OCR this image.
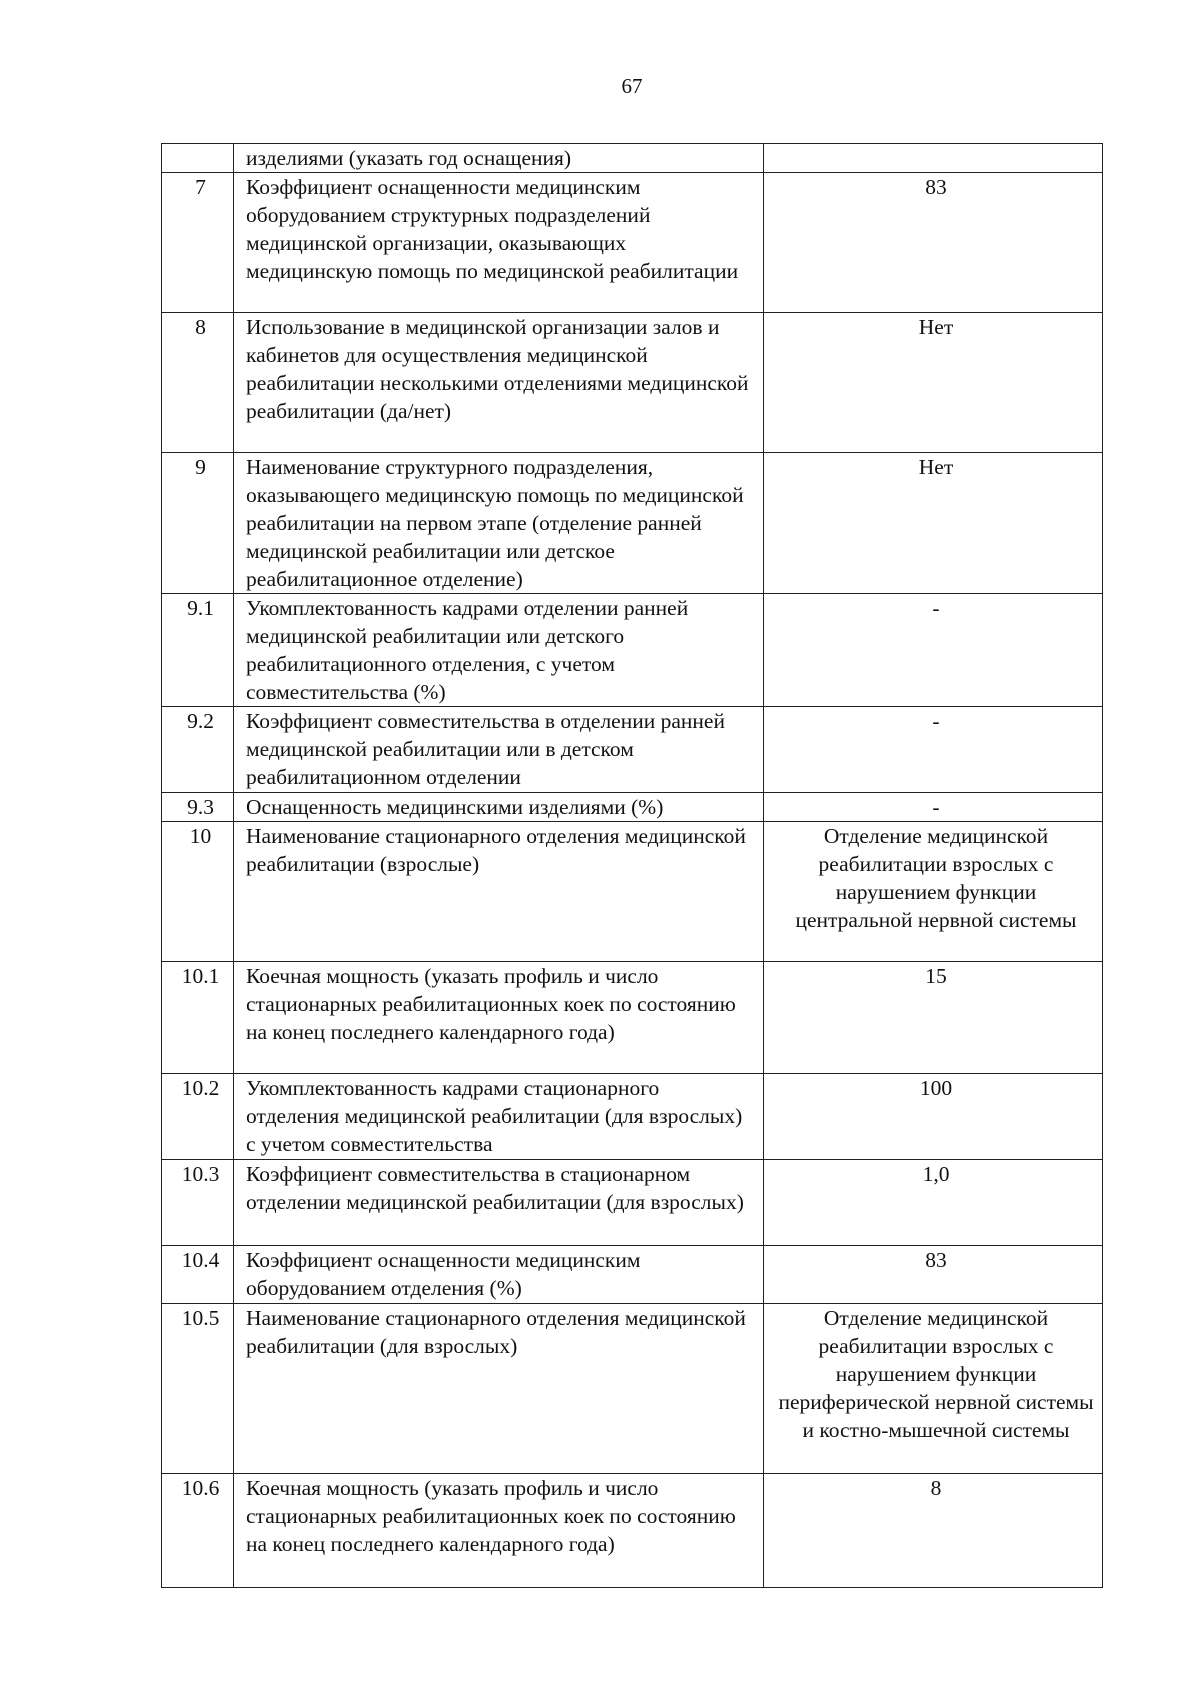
67
	изделиями (указать год оснащения)	
7	Коэффициент оснащенности медицинским оборудованием структурных подразделений медицинской организации, оказывающих медицинскую помощь по медицинской реабилитации	83
8	Использование в медицинской организации залов и кабинетов для осуществления медицинской реабилитации несколькими отделениями медицинской реабилитации (да/нет)	Нет
9	Наименование структурного подразделения, оказывающего медицинскую помощь по медицинской реабилитации на первом этапе (отделение ранней медицинской реабилитации или детское реабилитационное отделение)	Нет
9.1	Укомплектованность кадрами отделении ранней медицинской реабилитации или детского реабилитационного отделения, с учетом совместительства (%)	-
9.2	Коэффициент совместительства в отделении ранней медицинской реабилитации или в детском реабилитационном отделении	-
9.3	Оснащенность медицинскими изделиями (%)	-
10	Наименование стационарного отделения медицинской реабилитации (взрослые)	Отделение медицинской реабилитации взрослых с нарушением функции центральной нервной системы
10.1	Коечная мощность (указать профиль и число стационарных реабилитационных коек по состоянию на конец последнего календарного года)	15
10.2	Укомплектованность кадрами стационарного отделения медицинской реабилитации (для взрослых) с учетом совместительства	100
10.3	Коэффициент совместительства в стационарном отделении медицинской реабилитации (для взрослых)	1,0
10.4	Коэффициент оснащенности медицинским оборудованием отделения (%)	83
10.5	Наименование стационарного отделения медицинской реабилитации (для взрослых)	Отделение медицинской реабилитации взрослых с нарушением функции периферической нервной системы и костно-мышечной системы
10.6	Коечная мощность (указать профиль и число стационарных реабилитационных коек по состоянию на конец последнего календарного года)	8
